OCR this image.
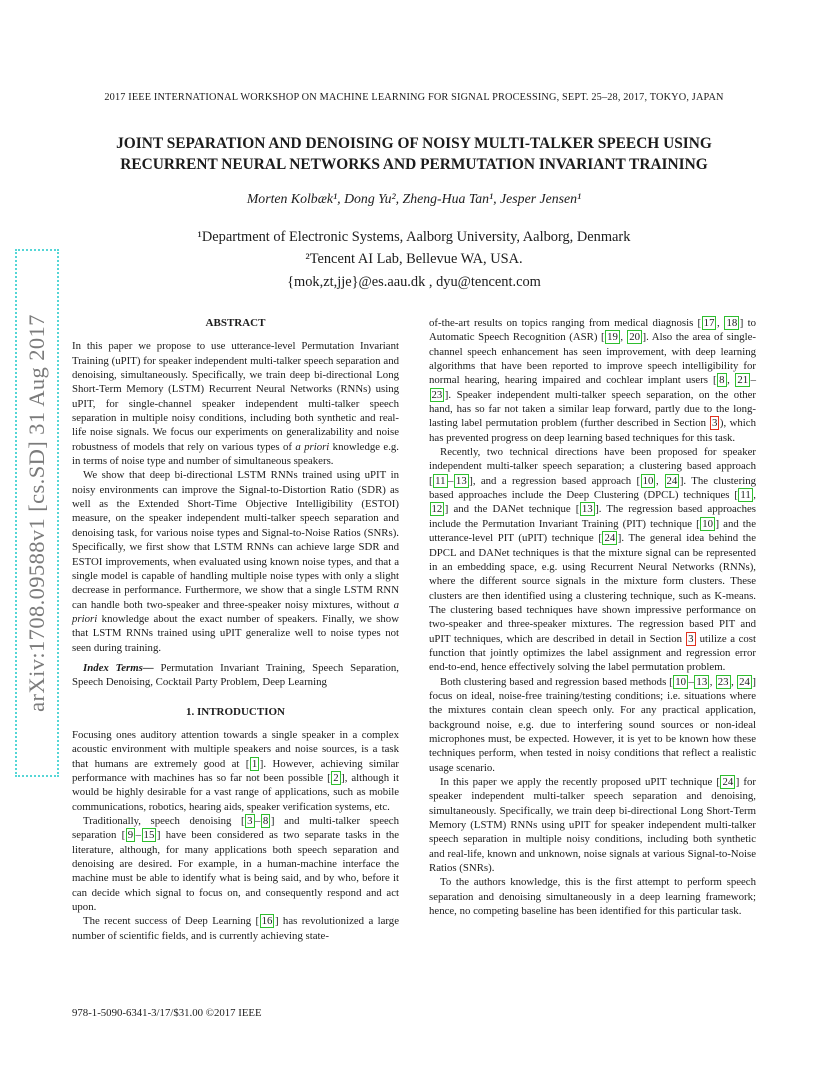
arXiv:1708.09588v1 [cs.SD] 31 Aug 2017
2017 IEEE INTERNATIONAL WORKSHOP ON MACHINE LEARNING FOR SIGNAL PROCESSING, SEPT. 25–28, 2017, TOKYO, JAPAN
JOINT SEPARATION AND DENOISING OF NOISY MULTI-TALKER SPEECH USING
RECURRENT NEURAL NETWORKS AND PERMUTATION INVARIANT TRAINING
Morten Kolbæk¹, Dong Yu², Zheng-Hua Tan¹, Jesper Jensen¹
¹Department of Electronic Systems, Aalborg University, Aalborg, Denmark
²Tencent AI Lab, Bellevue WA, USA.
{mok,zt,jje}@es.aau.dk , dyu@tencent.com
ABSTRACT

In this paper we propose to use utterance-level Permutation Invariant Training (uPIT) for speaker independent multi-talker speech separation and denoising, simultaneously. Specifically, we train deep bi-directional Long Short-Term Memory (LSTM) Recurrent Neural Networks (RNNs) using uPIT, for single-channel speaker independent multi-talker speech separation in multiple noisy conditions, including both synthetic and real-life noise signals. We focus our experiments on generalizability and noise robustness of models that rely on various types of a priori knowledge e.g. in terms of noise type and number of simultaneous speakers.

We show that deep bi-directional LSTM RNNs trained using uPIT in noisy environments can improve the Signal-to-Distortion Ratio (SDR) as well as the Extended Short-Time Objective Intelligibility (ESTOI) measure, on the speaker independent multi-talker speech separation and denoising task, for various noise types and Signal-to-Noise Ratios (SNRs). Specifically, we first show that LSTM RNNs can achieve large SDR and ESTOI improvements, when evaluated using known noise types, and that a single model is capable of handling multiple noise types with only a slight decrease in performance. Furthermore, we show that a single LSTM RNN can handle both two-speaker and three-speaker noisy mixtures, without a priori knowledge about the exact number of speakers. Finally, we show that LSTM RNNs trained using uPIT generalize well to noise types not seen during training.

Index Terms— Permutation Invariant Training, Speech Separation, Speech Denoising, Cocktail Party Problem, Deep Learning

1. INTRODUCTION

Focusing ones auditory attention towards a single speaker in a complex acoustic environment with multiple speakers and noise sources, is a task that humans are extremely good at [ 1 ]. However, achieving similar performance with machines has so far not been possible [ 2 ], although it would be highly desirable for a vast range of applications, such as mobile communications, robotics, hearing aids, speaker verification systems, etc.

Traditionally, speech denoising [ 3 – 8 ] and multi-talker speech separation [ 9 – 15 ] have been considered as two separate tasks in the literature, although, for many applications both speech separation and denoising are desired. For example, in a human-machine interface the machine must be able to identify what is being said, and by who, before it can decide which signal to focus on, and consequently respond and act upon.

The recent success of Deep Learning [ 16 ] has revolutionized a large number of scientific fields, and is currently achieving state-

of-the-art results on topics ranging from medical diagnosis [ 17 , 18 ] to Automatic Speech Recognition (ASR) [ 19 , 20 ]. Also the area of single-channel speech enhancement has seen improvement, with deep learning algorithms that have been reported to improve speech intelligibility for normal hearing, hearing impaired and cochlear implant users [ 8 , 21 –23 ]. Speaker independent multi-talker speech separation, on the other hand, has so far not taken a similar leap forward, partly due to the long-lasting label permutation problem (further described in Section 3 ), which has prevented progress on deep learning based techniques for this task.

Recently, two technical directions have been proposed for speaker independent multi-talker speech separation; a clustering based approach [ 11 – 13 ], and a regression based approach [ 10 , 24 ]. The clustering based approaches include the Deep Clustering (DPCL) techniques [ 11 , 12 ] and the DANet technique [ 13 ]. The regression based approaches include the Permutation Invariant Training (PIT) technique [ 10 ] and the utterance-level PIT (uPIT) technique [ 24 ]. The general idea behind the DPCL and DANet techniques is that the mixture signal can be represented in an embedding space, e.g. using Recurrent Neural Networks (RNNs), where the different source signals in the mixture form clusters. These clusters are then identified using a clustering technique, such as K-means. The clustering based techniques have shown impressive performance on two-speaker and three-speaker mixtures. The regression based PIT and uPIT techniques, which are described in detail in Section 3 utilize a cost function that jointly optimizes the label assignment and regression error end-to-end, hence effectively solving the label permutation problem.

Both clustering based and regression based methods [ 10 – 13 , 23 , 24 ] focus on ideal, noise-free training/testing conditions; i.e. situations where the mixtures contain clean speech only. For any practical application, background noise, e.g. due to interfering sound sources or non-ideal microphones must, be expected. However, it is yet to be known how these techniques perform, when tested in noisy conditions that reflect a realistic usage scenario.

In this paper we apply the recently proposed uPIT technique [ 24 ] for speaker independent multi-talker speech separation and denoising, simultaneously. Specifically, we train deep bi-directional Long Short-Term Memory (LSTM) RNNs using uPIT for speaker independent multi-talker speech separation in multiple noisy conditions, including both synthetic and real-life, known and unknown, noise signals at various Signal-to-Noise Ratios (SNRs).

To the authors knowledge, this is the first attempt to perform speech separation and denoising simultaneously in a deep learning framework; hence, no competing baseline has been identified for this particular task.

978-1-5090-6341-3/17/$31.00 ©2017 IEEE
